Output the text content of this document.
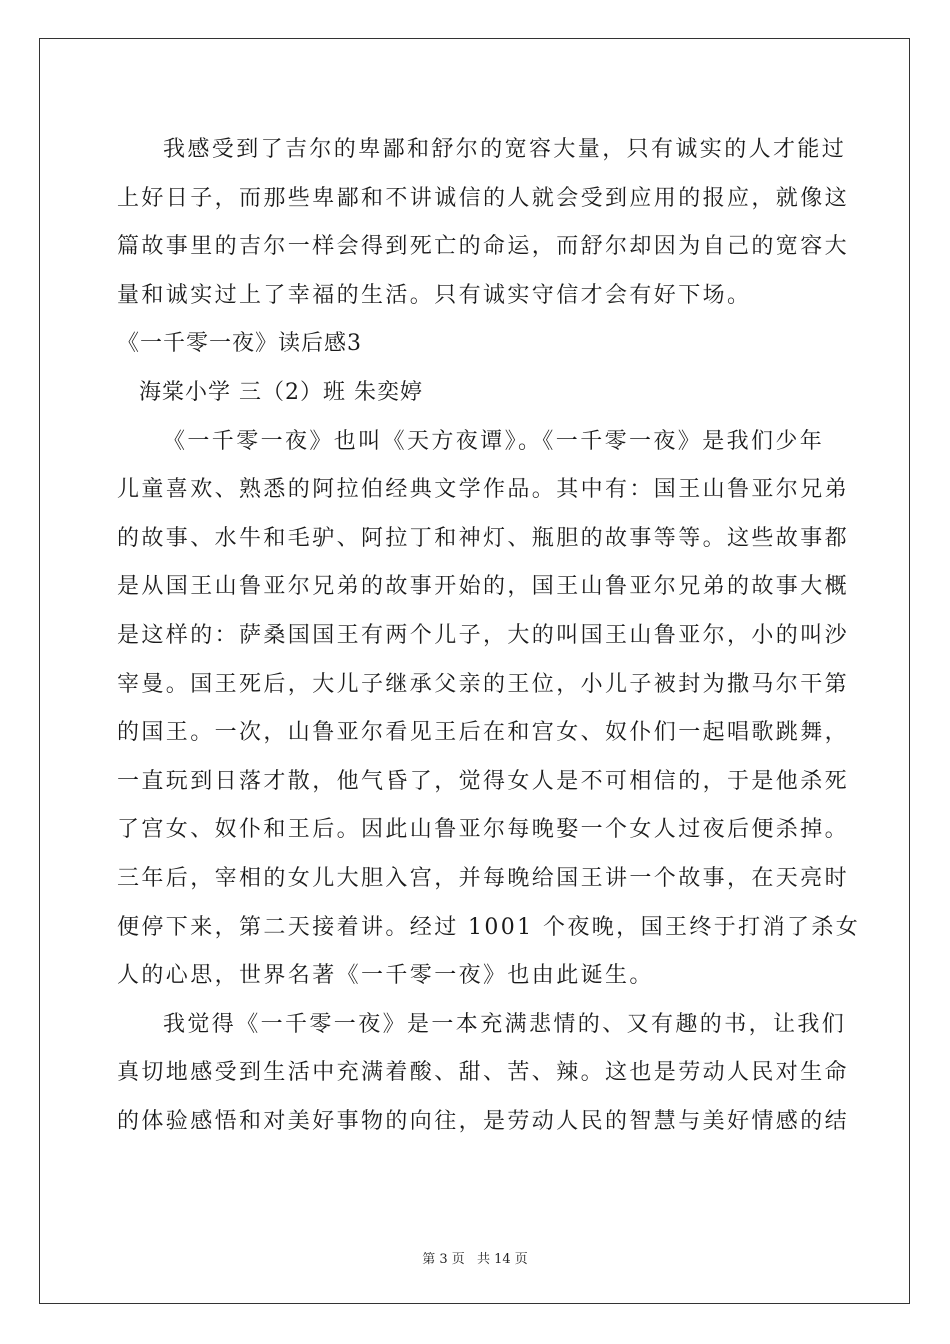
我感受到了吉尔的卑鄙和舒尔的宽容大量，只有诚实的人才能过
上好日子，而那些卑鄙和不讲诚信的人就会受到应用的报应，就像这
篇故事里的吉尔一样会得到死亡的命运，而舒尔却因为自己的宽容大
量和诚实过上了幸福的生活。只有诚实守信才会有好下场。
《一千零一夜》读后感3
海棠小学 三（2）班 朱奕婷
《一千零一夜》也叫《天方夜谭》。《一千零一夜》是我们少年
儿童喜欢、熟悉的阿拉伯经典文学作品。其中有：国王山鲁亚尔兄弟
的故事、水牛和毛驴、阿拉丁和神灯、瓶胆的故事等等。这些故事都
是从国王山鲁亚尔兄弟的故事开始的，国王山鲁亚尔兄弟的故事大概
是这样的：萨桑国国王有两个儿子，大的叫国王山鲁亚尔，小的叫沙
宰曼。国王死后，大儿子继承父亲的王位，小儿子被封为撒马尔干第
的国王。一次，山鲁亚尔看见王后在和宫女、奴仆们一起唱歌跳舞，
一直玩到日落才散，他气昏了，觉得女人是不可相信的，于是他杀死
了宫女、奴仆和王后。因此山鲁亚尔每晚娶一个女人过夜后便杀掉。
三年后，宰相的女儿大胆入宫，并每晚给国王讲一个故事，在天亮时
便停下来，第二天接着讲。经过 1001 个夜晚，国王终于打消了杀女
人的心思，世界名著《一千零一夜》也由此诞生。
我觉得《一千零一夜》是一本充满悲情的、又有趣的书，让我们
真切地感受到生活中充满着酸、甜、苦、辣。这也是劳动人民对生命
的体验感悟和对美好事物的向往，是劳动人民的智慧与美好情感的结
第 3 页 共 14 页
